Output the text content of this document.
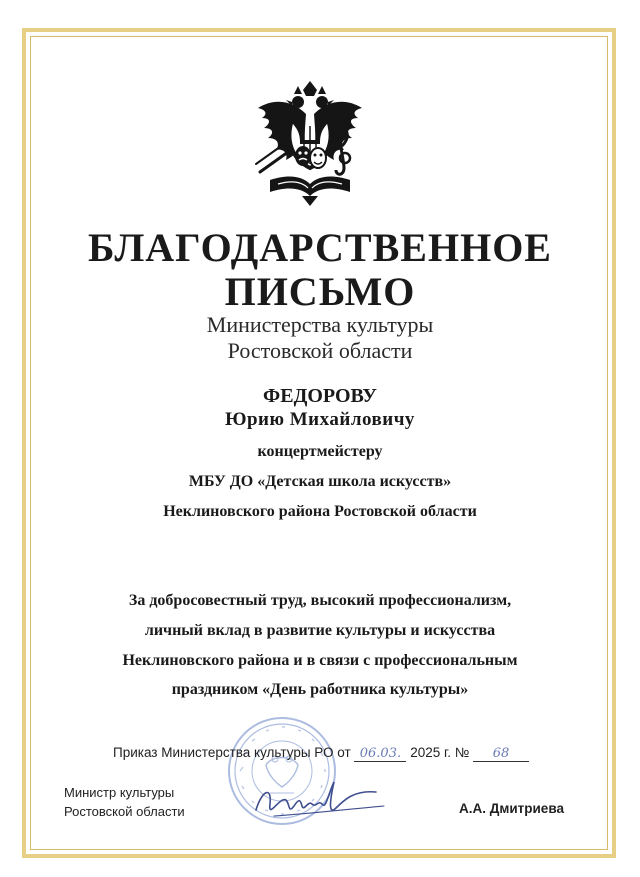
БЛАГОДАРСТВЕННОЕ
ПИСЬМО
Министерства культуры
Ростовской области
ФЕДОРОВУ
Юрию Михайловичу
концертмейстеру
МБУ ДО «Детская школа искусств»
Неклиновского района Ростовской области
За добросовестный труд, высокий профессионализм,
личный вклад в развитие культуры и искусства
Неклиновского района и в связи с профессиональным
праздником «День работника культуры»
Приказ Министерства культуры РО от 06.03. 2025 г. № 68
Министр культуры
Ростовской области	А.А. Дмитриева
